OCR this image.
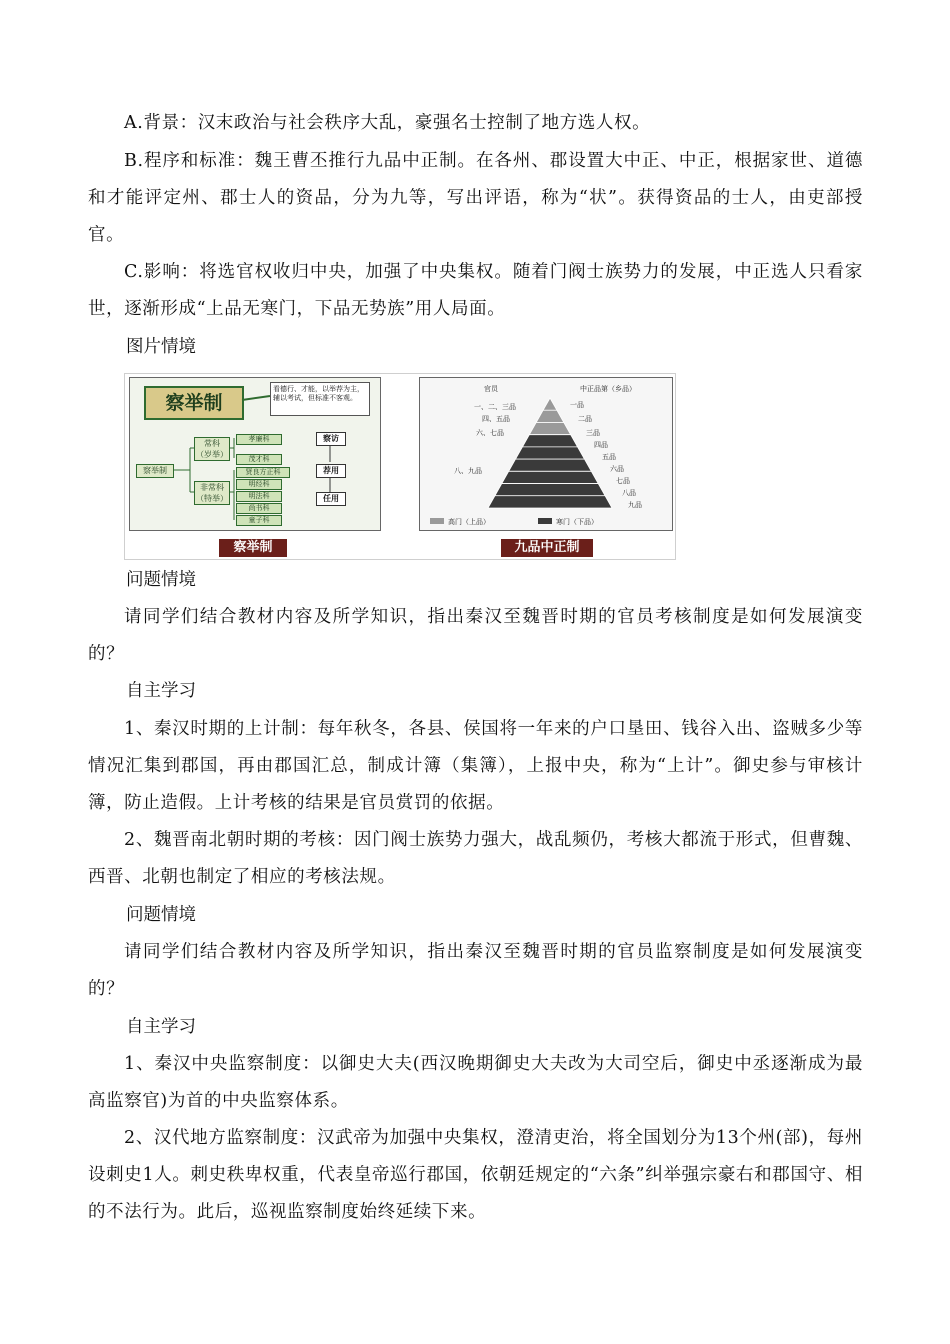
A.背景：汉末政治与社会秩序大乱，豪强名士控制了地方选人权。
B.程序和标准：魏王曹丕推行九品中正制。在各州、郡设置大中正、中正，根据家世、道德和才能评定州、郡士人的资品，分为九等，写出评语，称为“状”。获得资品的士人，由吏部授官。
C.影响：将选官权收归中央，加强了中央集权。随着门阀士族势力的发展，中正选人只看家世，逐渐形成“上品无寒门，下品无势族”用人局面。
图片情境
察举制
看德行、才能，以举荐为主，辅以考试，但标准不客观。
察举制
常科
（岁举）
非常科
（特举）
孝廉科
茂才科
贤良方正科
明经科
明法科
尚书科
童子科
察访
荐用
任用
察举制
官员	中正品第（乡品）
一、二、三品
四、五品
六、七品
八、九品
一品
二品
三品
四品
五品
六品
七品
八品
九品
高门（上品）	寒门（下品）
九品中正制
问题情境
请同学们结合教材内容及所学知识，指出秦汉至魏晋时期的官员考核制度是如何发展演变的？
自主学习
1、秦汉时期的上计制：每年秋冬，各县、侯国将一年来的户口垦田、钱谷入出、盗贼多少等情况汇集到郡国，再由郡国汇总，制成计簿（集簿），上报中央，称为“上计”。御史参与审核计簿，防止造假。上计考核的结果是官员赏罚的依据。
2、魏晋南北朝时期的考核：因门阀士族势力强大，战乱频仍，考核大都流于形式，但曹魏、西晋、北朝也制定了相应的考核法规。
问题情境
请同学们结合教材内容及所学知识，指出秦汉至魏晋时期的官员监察制度是如何发展演变的？
自主学习
1、秦汉中央监察制度：以御史大夫(西汉晚期御史大夫改为大司空后，御史中丞逐渐成为最高监察官)为首的中央监察体系。
2、汉代地方监察制度：汉武帝为加强中央集权，澄清吏治，将全国划分为13个州(部)，每州设刺史1人。刺史秩卑权重，代表皇帝巡行郡国，依朝廷规定的“六条”纠举强宗豪右和郡国守、相的不法行为。此后，巡视监察制度始终延续下来。
